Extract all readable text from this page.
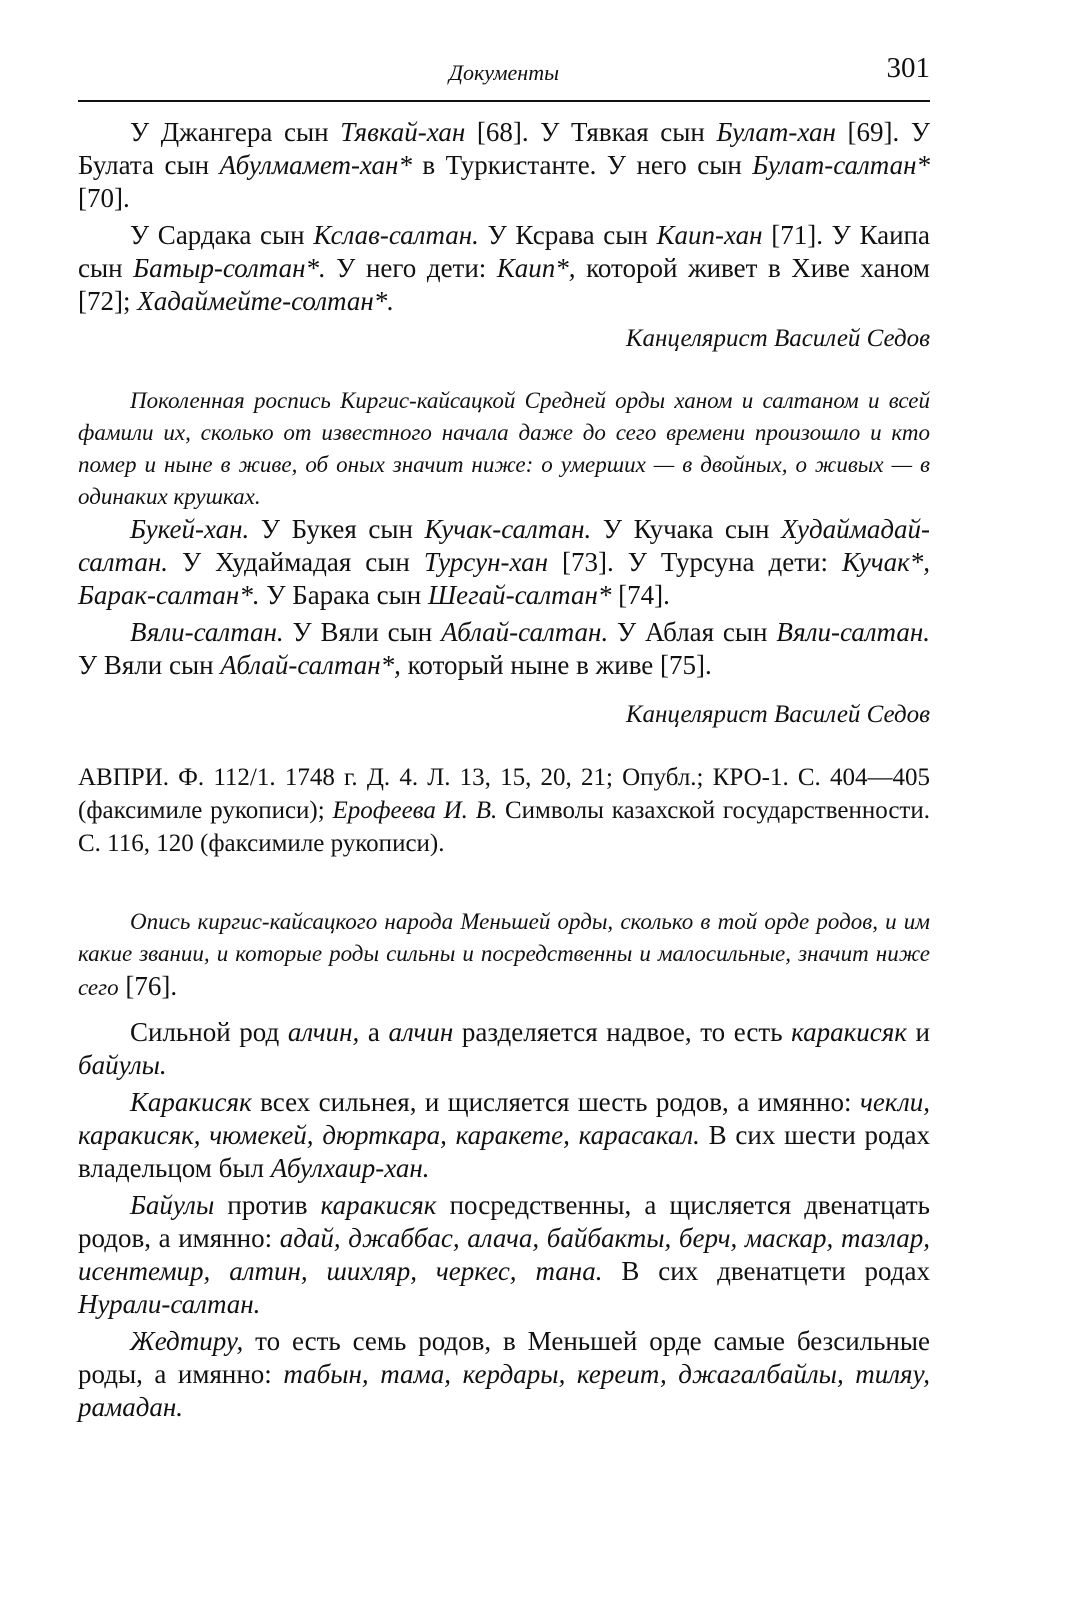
Документы	301

У Джангера сын Тявкай-хан [68]. У Тявкая сын Булат-хан [69]. У Булата сын Абулмамет-хан* в Туркистанте. У него сын Булат-салтан* [70].

У Сардака сын Кслав-салтан. У Ксрава сын Каип-хан [71]. У Каипа сын Батыр-солтан*. У него дети: Каип*, которой живет в Хиве ханом [72]; Хадаймейте-солтан*.

Канцелярист Василей Седов

Поколенная роспись Киргис-кайсацкой Средней орды ханом и салтаном и всей фамили их, сколько от известного начала даже до сего времени произошло и кто помер и ныне в живе, об оных значит ниже: о умерших — в двойных, о живых — в одинаких крушках.

Букей-хан. У Букея сын Кучак-салтан. У Кучака сын Худаймадай-салтан. У Худаймадая сын Турсун-хан [73]. У Турсуна дети: Кучак*, Барак-салтан*. У Барака сын Шегай-салтан* [74].

Вяли-салтан. У Вяли сын Аблай-салтан. У Аблая сын Вяли-салтан. У Вяли сын Аблай-салтан*, который ныне в живе [75].

Канцелярист Василей Седов

АВПРИ. Ф. 112/1. 1748 г. Д. 4. Л. 13, 15, 20, 21; Опубл.; КРО-1. С. 404—405 (факсимиле рукописи); Ерофеева И. В. Символы казахской государственности. С. 116, 120 (факсимиле рукописи).

Опись киргис-кайсацкого народа Меньшей орды, сколько в той орде родов, и им какие звании, и которые роды сильны и посредственны и малосильные, значит ниже сего [76].

Сильной род алчин, а алчин разделяется надвое, то есть каракисяк и байулы.

Каракисяк всех сильнея, и щисляется шесть родов, а имянно: чекли, каракисяк, чюмекей, дюрткара, каракете, карасакал. В сих шести родах владельцом был Абулхаир-хан.

Байулы против каракисяк посредственны, а щисляется двенатцать родов, а имянно: адай, джаббас, алача, байбакты, берч, маскар, тазлар, исентемир, алтин, шихляр, черкес, тана. В сих двенатцети родах Нурали-салтан.

Жедтиру, то есть семь родов, в Меньшей орде самые безсильные роды, а имянно: табын, тама, кердары, кереит, джагалбайлы, тиляу, рамадан.
